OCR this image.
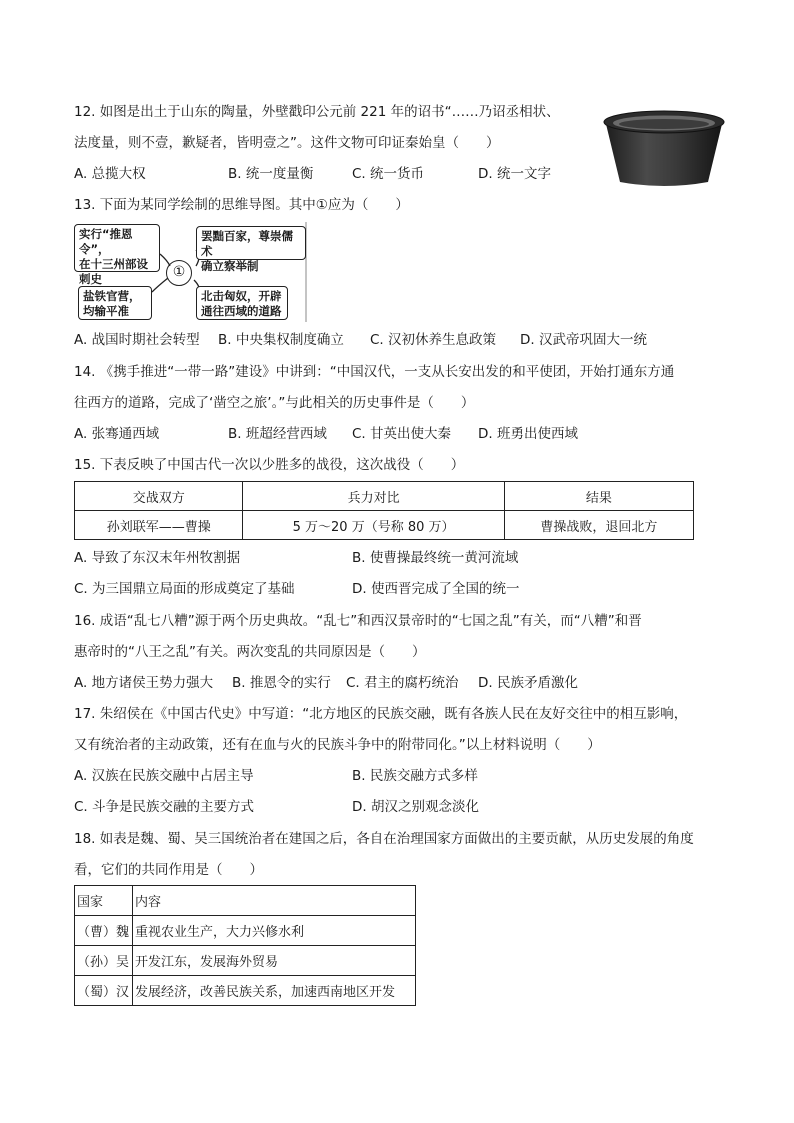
12. 如图是出土于山东的陶量，外壁戳印公元前 221 年的诏书“……乃诏丞相状、
法度量，则不壹，歉疑者，皆明壹之”。这件文物可印证秦始皇（　　）
A. 总揽大权	B. 统一度量衡	C. 统一货币	D. 统一文字
13. 下面为某同学绘制的思维导图。其中①应为（　　）
实行“推恩令”，
在十三州部设
刺史	①
罢黜百家，尊崇儒术
确立察举制
盐铁官营，
均输平准
北击匈奴，开辟
通往西域的道路
A. 战国时期社会转型 B. 中央集权制度确立 C. 汉初休养生息政策 D. 汉武帝巩固大一统
14. 《携手推进“一带一路”建设》中讲到：“中国汉代，一支从长安出发的和平使团，开始打通东方通
往西方的道路，完成了‘凿空之旅’。”与此相关的历史事件是（　　）
A. 张骞通西域	B. 班超经营西域 C. 甘英出使大秦 D. 班勇出使西域
15. 下表反映了中国古代一次以少胜多的战役，这次战役（　　）
交战双方	兵力对比	结果
孙刘联军——曹操	5 万～20 万（号称 80 万）	曹操战败，退回北方
A. 导致了东汉末年州牧割据	B. 使曹操最终统一黄河流域
C. 为三国鼎立局面的形成奠定了基础	D. 使西晋完成了全国的统一
16. 成语“乱七八糟”源于两个历史典故。“乱七”和西汉景帝时的“七国之乱”有关，而“八糟”和晋
惠帝时的“八王之乱”有关。两次变乱的共同原因是（　　）
A. 地方诸侯王势力强大 B. 推恩令的实行 C. 君主的腐朽统治 D. 民族矛盾激化
17. 朱绍侯在《中国古代史》中写道：“北方地区的民族交融，既有各族人民在友好交往中的相互影响，
又有统治者的主动政策，还有在血与火的民族斗争中的附带同化。”以上材料说明（　　）
A. 汉族在民族交融中占居主导	B. 民族交融方式多样
C. 斗争是民族交融的主要方式	D. 胡汉之别观念淡化
18. 如表是魏、蜀、吴三国统治者在建国之后，各自在治理国家方面做出的主要贡献，从历史发展的角度
看，它们的共同作用是（　　）
国家	内容
（曹）魏	重视农业生产，大力兴修水利
（孙）吴	开发江东，发展海外贸易
（蜀）汉	发展经济，改善民族关系，加速西南地区开发
